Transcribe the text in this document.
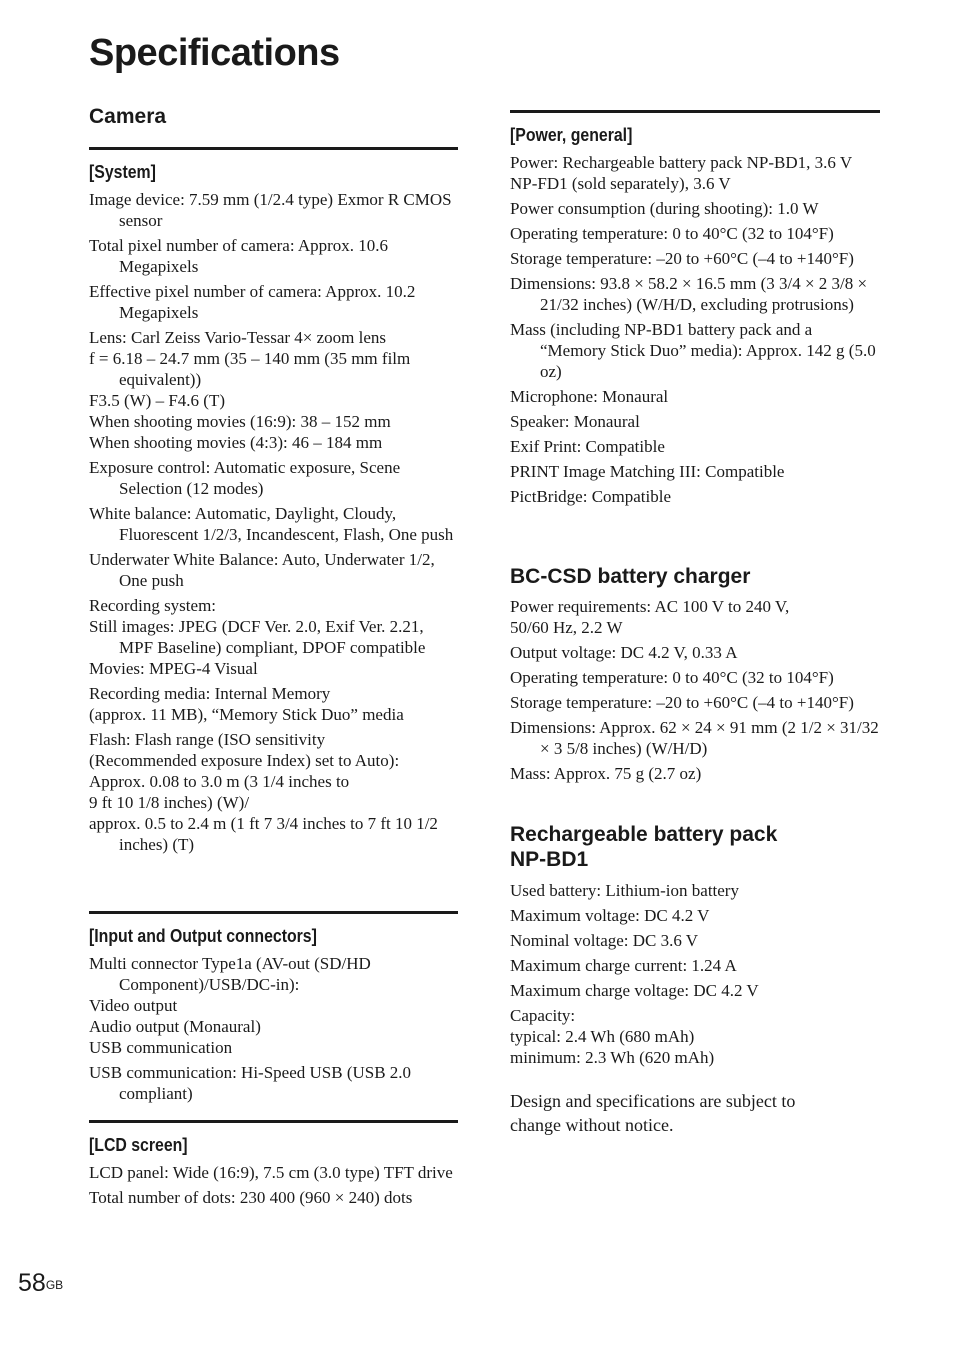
Specifications
Camera
[System]
Image device: 7.59 mm (1/2.4 type) Exmor R CMOS sensor
Total pixel number of camera: Approx. 10.6 Megapixels
Effective pixel number of camera: Approx. 10.2 Megapixels
Lens: Carl Zeiss Vario-Tessar 4× zoom lens
f = 6.18 – 24.7 mm (35 – 140 mm (35 mm film equivalent))
F3.5 (W) – F4.6 (T)
When shooting movies (16:9): 38 – 152 mm
When shooting movies (4:3): 46 – 184 mm
Exposure control: Automatic exposure, Scene Selection (12 modes)
White balance: Automatic, Daylight, Cloudy, Fluorescent 1/2/3, Incandescent, Flash, One push
Underwater White Balance: Auto, Underwater 1/2, One push
Recording system:
Still images: JPEG (DCF Ver. 2.0, Exif Ver. 2.21, MPF Baseline) compliant, DPOF compatible
Movies: MPEG-4 Visual
Recording media: Internal Memory
(approx. 11 MB), “Memory Stick Duo” media
Flash: Flash range (ISO sensitivity
(Recommended exposure Index) set to Auto):
Approx. 0.08 to 3.0 m (3 1/4 inches to
9 ft 10 1/8 inches) (W)/
approx. 0.5 to 2.4 m (1 ft 7 3/4 inches to 7 ft 10 1/2 inches) (T)
[Input and Output connectors]
Multi connector Type1a (AV-out (SD/HD Component)/USB/DC-in):
Video output
Audio output (Monaural)
USB communication
USB communication: Hi-Speed USB (USB 2.0 compliant)
[LCD screen]
LCD panel: Wide (16:9), 7.5 cm (3.0 type) TFT drive
Total number of dots: 230 400 (960 × 240) dots
[Power, general]
Power: Rechargeable battery pack NP-BD1, 3.6 V
NP-FD1 (sold separately), 3.6 V
Power consumption (during shooting): 1.0 W
Operating temperature: 0 to 40°C (32 to 104°F)
Storage temperature: –20 to +60°C (–4 to +140°F)
Dimensions: 93.8 × 58.2 × 16.5 mm (3 3/4 × 2 3/8 × 21/32 inches) (W/H/D, excluding protrusions)
Mass (including NP-BD1 battery pack and a “Memory Stick Duo” media): Approx. 142 g (5.0 oz)
Microphone: Monaural
Speaker: Monaural
Exif Print: Compatible
PRINT Image Matching III: Compatible
PictBridge: Compatible
BC-CSD battery charger
Power requirements: AC 100 V to 240 V,
50/60 Hz, 2.2 W
Output voltage: DC 4.2 V, 0.33 A
Operating temperature: 0 to 40°C (32 to 104°F)
Storage temperature: –20 to +60°C (–4 to +140°F)
Dimensions: Approx. 62 × 24 × 91 mm (2 1/2 × 31/32 × 3 5/8 inches) (W/H/D)
Mass: Approx. 75 g (2.7 oz)
Rechargeable battery pack
NP-BD1
Used battery: Lithium-ion battery
Maximum voltage: DC 4.2 V
Nominal voltage: DC 3.6 V
Maximum charge current: 1.24 A
Maximum charge voltage: DC 4.2 V
Capacity:
typical: 2.4 Wh (680 mAh)
minimum: 2.3 Wh (620 mAh)

Design and specifications are subject to change without notice.

$58^{GB}$
